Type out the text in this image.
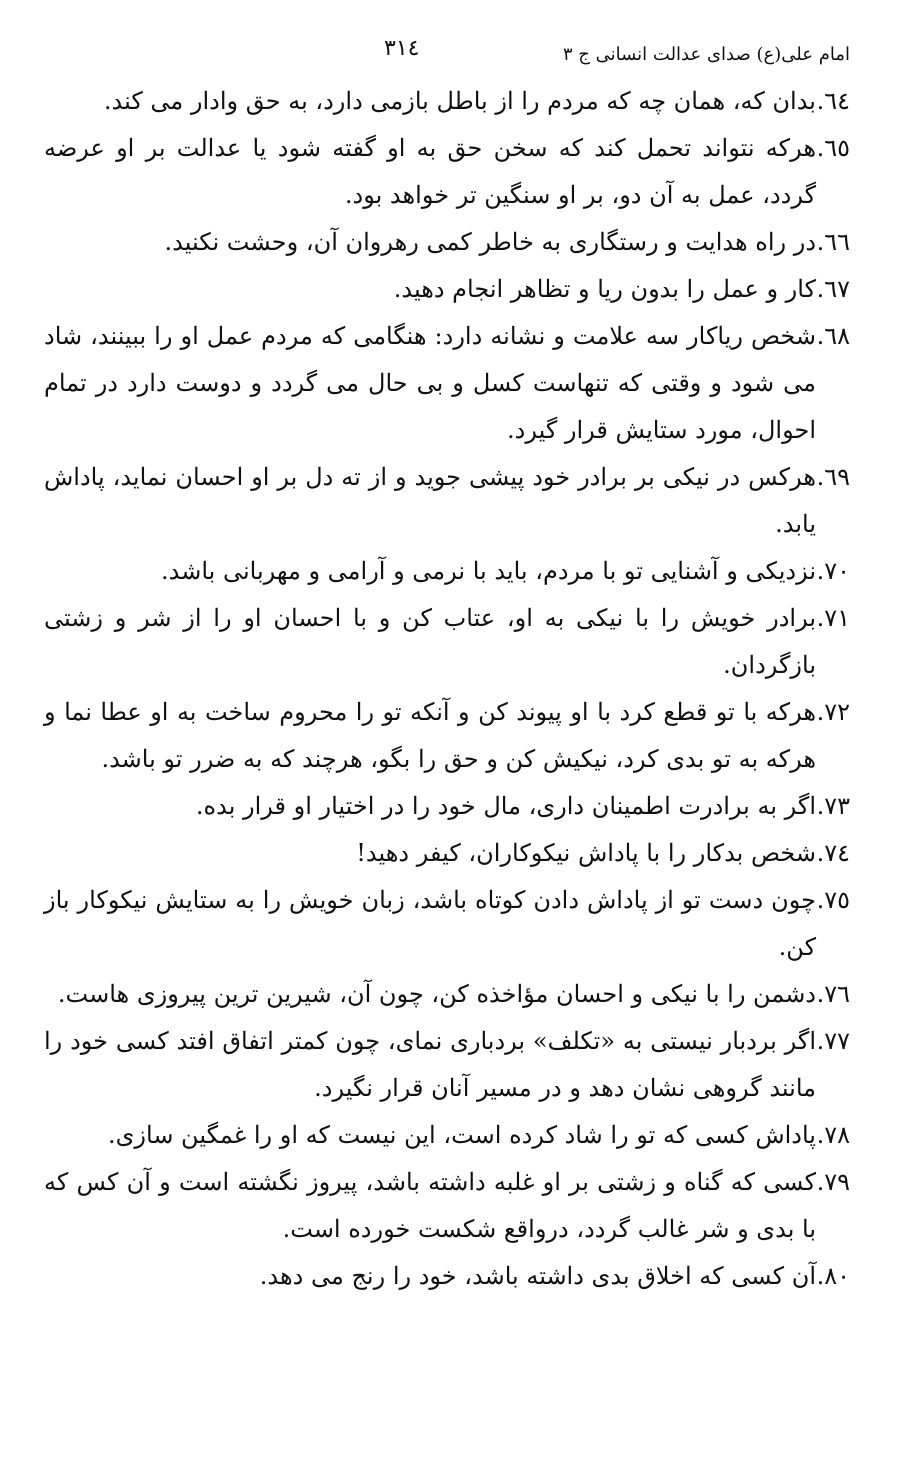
امام علی(ع) صدای عدالت انسانی ج ۳
۳۱٤
٦٤.
بدان که، همان چه که مردم را از باطل بازمی دارد، به حق وادار می کند.
٦٥.
هرکه نتواند تحمل کند که سخن حق به او گفته شود یا عدالت بر او عرضه گردد، عمل به آن دو، بر او سنگین تر خواهد بود.
٦٦.
در راه هدایت و رستگاری به خاطر کمی رهروان آن، وحشت نکنید.
٦٧.
کار و عمل را بدون ریا و تظاهر انجام دهید.
٦٨.
شخص ریاکار سه علامت و نشانه دارد: هنگامی که مردم عمل او را ببینند، شاد می شود و وقتی که تنهاست کسل و بی حال می گردد و دوست دارد در تمام احوال، مورد ستایش قرار گیرد.
٦٩.
هرکس در نیکی بر برادر خود پیشی جوید و از ته دل بر او احسان نماید، پاداش یابد.
٧٠.
نزدیکی و آشنایی تو با مردم، باید با نرمی و آرامی و مهربانی باشد.
٧١.
برادر خویش را با نیکی به او، عتاب کن و با احسان او را از شر و زشتی بازگردان.
٧٢.
هرکه با تو قطع کرد با او پیوند کن و آنکه تو را محروم ساخت به او عطا نما و هرکه به تو بدی کرد، نیکیش کن و حق را بگو، هرچند که به ضرر تو باشد.
٧٣.
اگر به برادرت اطمینان داری، مال خود را در اختیار او قرار بده.
٧٤.
شخص بدکار را با پاداش نیکوکاران، کیفر دهید!
٧٥.
چون دست تو از پاداش دادن کوتاه باشد، زبان خویش را به ستایش نیکوکار باز کن.
٧٦.
دشمن را با نیکی و احسان مؤاخذه کن، چون آن، شیرین ترین پیروزی هاست.
٧٧.
اگر بردبار نیستی به «تکلف» بردباری نمای، چون کمتر اتفاق افتد کسی خود را مانند گروهی نشان دهد و در مسیر آنان قرار نگیرد.
٧٨.
پاداش کسی که تو را شاد کرده است، این نیست که او را غمگین سازی.
٧٩.
کسی که گناه و زشتی بر او غلبه داشته باشد، پیروز نگشته است و آن کس که با بدی و شر غالب گردد، درواقع شکست خورده است.
٨٠.
آن کسی که اخلاق بدی داشته باشد، خود را رنج می دهد.
